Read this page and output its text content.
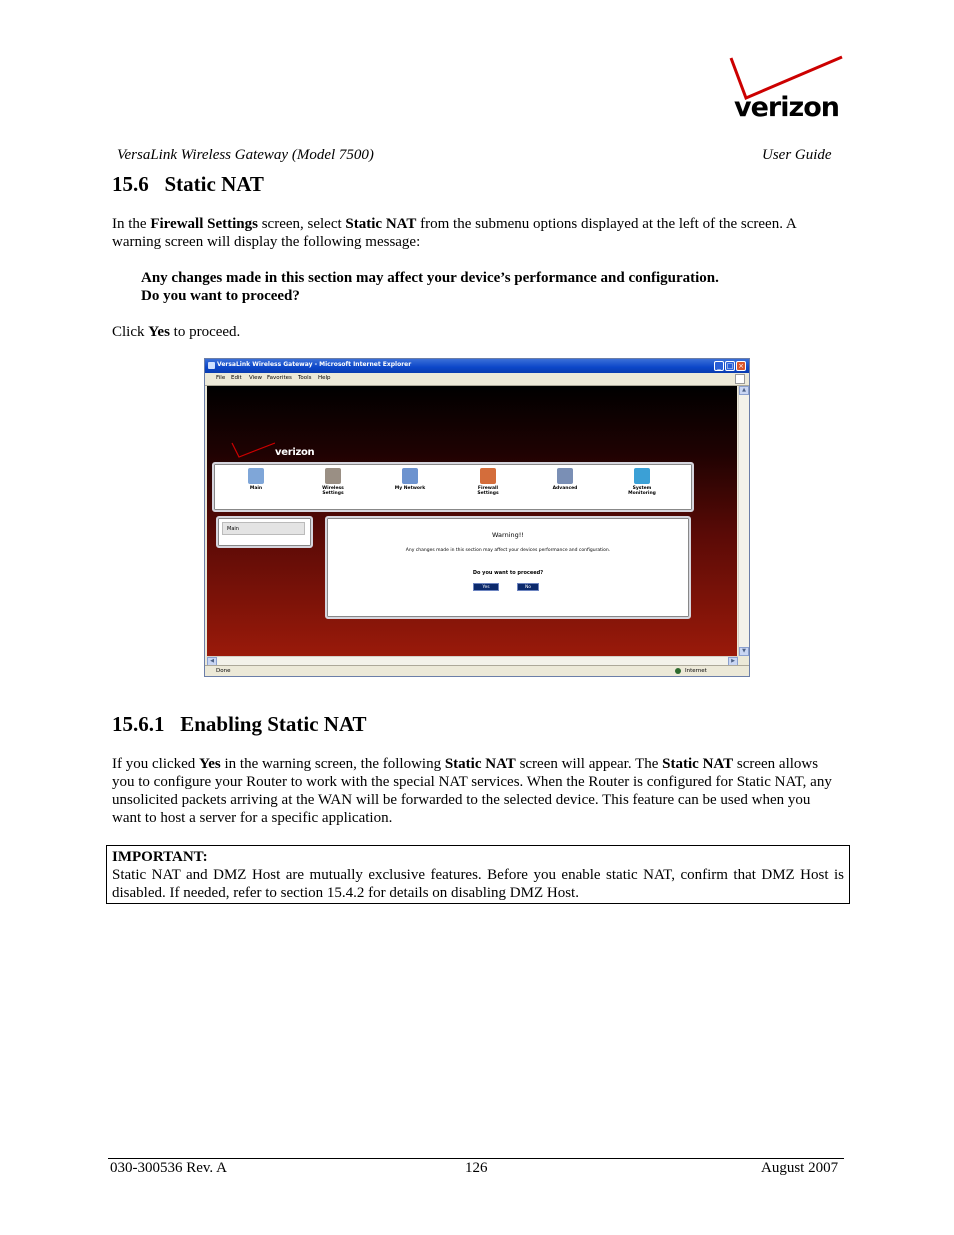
verizon
VersaLink Wireless Gateway (Model 7500)	User Guide
15.6   Static NAT
In the Firewall Settings screen, select Static NAT from the submenu options displayed at the left of the screen. A warning screen will display the following message:
Any changes made in this section may affect your device’s performance and configuration.
Do you want to proceed?
Click Yes to proceed.
VersaLink Wireless Gateway - Microsoft Internet Explorer	_ □ ×
File Edit View Favorites Tools Help
verizon
Main	Wireless Settings
My Network	Firewall Settings
Advanced	System Monitoring
Main
Warning!!
Any changes made in this section may affect your devices performance and configuration.
Do you want to proceed?
Yes	No
▲
▼
◀	▶
Done	Internet
15.6.1   Enabling Static NAT
If you clicked Yes in the warning screen, the following Static NAT screen will appear. The Static NAT screen allows you to configure your Router to work with the special NAT services. When the Router is configured for Static NAT, any unsolicited packets arriving at the WAN will be forwarded to the selected device. This feature can be used when you want to host a server for a specific application.
IMPORTANT:
Static NAT and DMZ Host are mutually exclusive features. Before you enable static NAT, confirm that DMZ Host is disabled. If needed, refer to section 15.4.2 for details on disabling DMZ Host.
030-300536 Rev. A	126	August 2007
